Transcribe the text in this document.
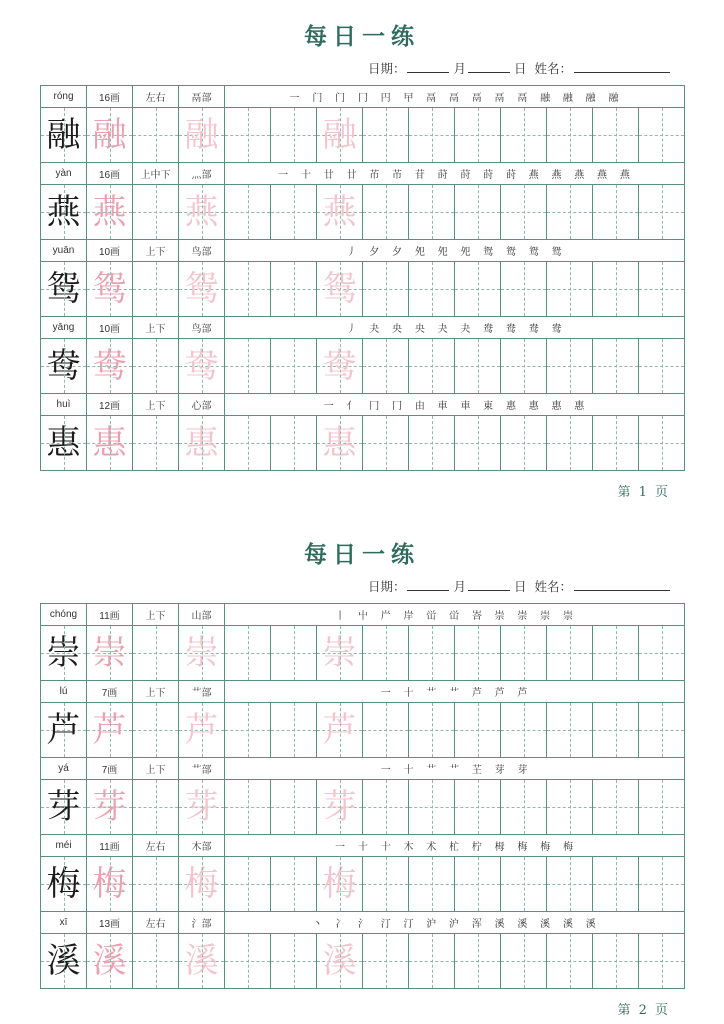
每日一练
日期：	月	日 姓名：
róng	16画	左右	鬲部	一 门 门 冂 円 曱 鬲 鬲 鬲 鬲 鬲 融 融 融 融									

融	融		融			融							

yàn	16画	上中下	灬部	一 十 廿 廿 芇 芇 苷 莳 莳 莳 莳 燕 燕 燕 燕 燕									

燕	燕		燕			燕							

yuān	10画	上下	鸟部	丿 夕 夕 夗 夗 夗 鸳 鸳 鸳 鸳									

鸳	鸳		鸳			鸳							

yāng	10画	上下	鸟部	丿 夬 央 央 夬 夬 鸯 鸯 鸯 鸯									

鸯	鸯		鸯			鸯							

huì	12画	上下	心部	一 亻 冂 冂 由 車 車 東 惠 惠 惠 惠									

惠	惠		惠			惠							

第 1 页
每日一练
日期：	月	日 姓名：
chóng	11画	上下	山部	丨 屮 屵 岸 峃 峃 峇 崇 崇 崇 崇									

崇	崇		崇			崇							

lú	7画	上下	艹部	一 十 艹 艹 芦 芦 芦									

芦	芦		芦			芦							

yá	7画	上下	艹部	一 十 艹 艹 芏 芽 芽									

芽	芽		芽			芽							

méi	11画	左右	木部	一 十 十 木 术 杧 柠 栂 梅 梅 梅									

梅	梅		梅			梅							

xī	13画	左右	氵部	丶 冫 氵 汀 汀 沪 沪 浑 溪 溪 溪 溪 溪									

溪	溪		溪			溪							

第 2 页
